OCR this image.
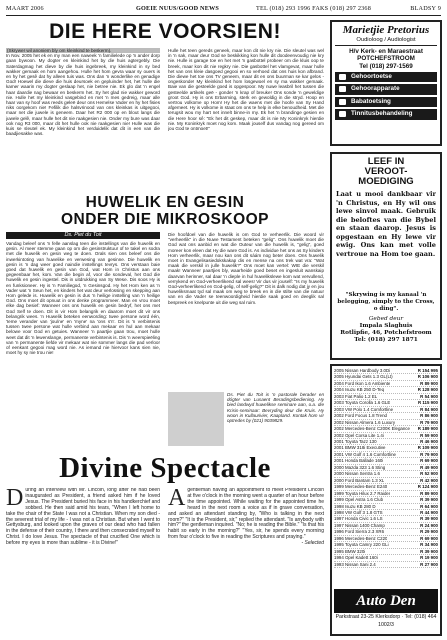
MAART 2006	GOEIE NUUS/GOOD NEWS	TEL (018) 293 1996 FAKS (018) 297 2368	BLADSY 9
DIE HERE VOORSIEN!
(Skrywer wil anoniem bly om kleinkind te beskerm).
In Nov. 2005 het ek en my man een naweek 'n familielede op 'n ander dorp gaan bywoon. My dogter en kleinkind het by die huis agtergebly. Die Saterdagmag het dieve by die huis ingebreek, my kleinkind in sy bed wakker gemaak en hom aangehou. Hulle het hom gevra waar sy ouers is en hy het gesê dat hy alleen tuis was. Ons dan 'n wonderlike en genadige God! Hoewel die dieve die huis deursoek en gepluinder het, het hulle die kamer waarin my dogter geslaap het, nie betree nie. Ek glo dat 'n engel haar daardie nag bewaar en beskerm het. Sy het glad nie wakker geword nie. Hulle het my kleinkind vasgebind en met 'n mes gedreig, maar alle haar van sy hoof was reeds geleë deur ons Hemelse Vader en hy het fisies niks oorgekom nie! Fefilik die halsvrinood van ons kleinkas is uitgegooi, maar net die juwele is geneem. Daar het R2 000 op en blout langs die juwele gelê, maar hulle het dit nie raakgesien nie. Onder my bure was daar ook nog R3 000, maar dit het hulle ook nie raakgesien nie! Hulle was die kuis se sleutel ek. My kleinkind het verduidelik dat dit in een van die baadjiesakke was.
Hulle het teen gereds geneek, maar kon dit nie kry nie. Die sleutel was wel in 'n sak, maar deur God se beskikking kon hulle dit doodeenvoudig nie kry nie. Hulle is garage toe en het met 'n gasbottel probeer om die kluis oop te breek, maar kon dit nie regkry nie. Die gasbottel het vlamgevat, maar hulle het van ons kleie dasgoed gegooi en so verhoed dat ons huis kon afbrand. Die diewe het toe ons TV geneem, maar dit en ons buurman se kar gelos - ongeskonde! My kleinkind het hom losgewoel en sy ma wakker gemaak. Baie van die gesteelde goed is opgespoor. My nuwe leasbril het tussen die gesteelde artikels geë - gonder 'n krap of breuke! Ons sonde 'n geweldige groot God. Hy is ons Erbarming, sterk en gewoldig in die stryd. Hoop en vertrou volkome op Hom! Hy het die waens met die hoofe van Sy Hand afgemeet. Hy is volkome in staat om ons te help in elke benoudheid. Met die terugsit wou my hart net innelt binne-in my. Ek het 'n brandinge gesien en die Here hoor sê: "Ek het dit geskep, maar dit is nie My Koninkryk hierdie nie. My Koninkryk moet nog kom. Maak jouself dus vandag nog gereed om jou God te ontmoet!"
Marietjie Pretorius
Oudioloog / Audiologist
H/v Kerk- en Maraestraat
POTCHEFSTROOM
Tel (018) 297-1569
Gehoortoetse
Gehoorapparate
Babatoetsing
Tinnitusbehandeling
LEEF IN
VEROOT-
MOEDIGING
Laat u mooi dankbaar vir 'n Christus, en Hy wil ons lewe sinvol maak. Gebruik die beloftes van die Bybel en staan daarop. Jesus is opgestaan en Hy lewe vir ewig. Ons kan met volle vertroue na Hom toe gaan.
"Skrywing is my kanaal 'n belegging, simply to the Cross, o ding".
Gebed deur
Impala Slaghuis
Rotlipfie, 46, Potchefstroom
Tel: (018) 297 1871
HUWELIK EN GESIN
ONDER DIE MIKROSKOOP
Ds. Piet du Toit
Vandag beleef ons 'n felle aanslag teen die instellings van die huwelik en gesin. Al meer stemme gaan op om die gesinstruktuur of te takel en sodra met die huwelik en gesin weg te doen. Orals sien ons beleef ons die inwerkintoting van huwelike en verwesing van gesinne. Die huwelik en gesin is 'n dag weer goed naindie instellings tevrys. Ons verstaan baie goed dat huwelik en gesin van God, wat Hom in Christus aan ons gegeenbaar het, kom. Van die begin af, voor die sondeval, het God die huwelik en gesin ingestel. Dis in uitdrukking van Sy Wese. Dis soos Hy is en funksioneer. Hy is 'n Familiegod, 'n Gesinsgod. Hy het Hom ken as 'n Vader wat 'n Seun het, en kinders het wat deur verlossing en skepping aan Hom gelede is. Huwelik en gesin is dus 'n heilige instelling van 'n heilige God. Ons moet dit opnuut in ons denke programmeer. Man en vrou moet elke dag besief: Wanneer ons ons huwelik en gesin bedryf, het ons met God Self te doen. Dit is vir Hom belangrik en daarom moet dit vir ons belangrik wees. 'n Huwelik beteken eenwording: twee persone word één, 'Ieme verander van 'jou/ne' en 'myne' na 'ons s'n'. Dit is 'n verbintenis tussen twee persone wat hulle verbind aan mekaar en hul aan mekaar belowe voor God en getuies. Wanneer 'n paartjie gaan trou, moet hulle weet dat dit 'n lewenslange, permanente verbintenis is. Dis 'n weerspieëling van 'n permanente liefde vir mekaar wat nie sommer langs die pad verloor of eenkant gegooi mag word nie. As iemand nie hiervoor kans sien nie, moet hy sy nie trou nie!
Die hoofdoel van die huwelik is om God te verheerlik. Die woord vir "verheerlik" in die Nuwe Testament beteken "gelig". Ons huwelik moet die God wat ons aanbid en wat die Outeur van die huwelik is, "gelig", goed moreer kon eleen dat Hy die ware God is. As individue het ons as Sy kinders Hom verheerlik, maar nou kan ons dit sáám nog beter doen. Ons huwelik moet in Evangelisasiedokskakap dis en mense na ons trek wat vra: "Wat maak die verskil in julle huwelik?" Ons moet kan vertel: WIE die verskil maak! Wanneer paartjies bly, waarheide goed beset en ingesluit wanskaip daarvan herinner, sal daar 'n dieple in hul huwelikslewe kom wat vervullend, verrykend en God-verheerlikend sal wees! Vir dus vir jouself: "Is my huwelik God-verheerlikend en God-gelig, of self-gelig?" Dit is dalk nodig dat jy en jou huweliksmaat tyd sal maak om weg te breek en in die stilte van die natuur van en die Vader se teenwoordigheid hierdie saak goed en deeglik sal bespreek en knelpunte uit die weg sal ruim.
Ds. Piet du Toit is 'n pastorale berader en dógter van Lusaent Beradingsbediening. Hy bied landwyd huwelikse seminare aan, o.a. die Krisis-seminaar: Bevryding deur die Kruis. Hy woon in Kullaurivier, Kaapland. Kontak hom vir optredes by (021) 9039829.
2005 Nissan Hardbody 3.0Di	R 154 995
2005 Hyundai Gets 1.3 GL(Lt)	R 106 900
2004 Ford Ikon 1.6 Ambiente	R 89 900
2004 Isuzu KB 250 D-Teq	R 128 900
2003 Fiat Palio 1.2 EL	R 54 900
2003 Toyota Corolla 1.6 GLE	R 115 900
2003 VW Polo 1.4 Comfortline	R 84 900
2002 Ford Focus 1.8 Trend	R 86 900
2002 Nissan Almera 1.6 Luxury	R 79 900
2002 Mercedes-Benz C200K Elegance R 189 900
2002 Opel Corsa Lite 1.4i	R 59 900
2001 Toyota Tazz 130	R 46 900
2001 BMW 318i Executive	R 109 900
2001 VW Golf 4 1.6 Comfortline	R 79 900
2001 Honda Ballade 160i	R 69 900
2000 Mazda 323 1.6 Sting	R 49 900
2000 Nissan Sentra 1.6	R 52 900
2000 Ford Bantam 1.3 XL	R 42 900
1999 Mercedes-Benz E240	R 124 900
1999 Toyota Hilux 2.7 Raider	R 89 900
1999 Opel Astra 1.6 Club	R 39 900
1998 Isuzu KB 280 D	R 64 900
1998 VW Golf 3 1.8 GTS	R 44 900
1997 Honda Civic 1.6 LS	R 39 900
1997 Nissan 1400 Champ	R 24 900
1996 Ford Sierra 2.3 XR6	R 29 900
1996 Mercedes-Benz C220	R 69 900
1995 Toyota Camry 220 GLi	R 34 900
1995 BMW 320i	R 39 900
1994 Opel Kadett 160i	R 19 900
1993 Nissan Sani 2.4	R 27 900
Auto Den
Parkstraat 23-25 Klerksdorp · Tel: (018) 464 1002/3
Divine Spectacle
D uring an interview with Mr. Lincoln, long after he had been inaugurated as President, a friend asked him if he loved Jesus. The President buried his face in his handkerchief and sobbed. He then said amid his tears, "When I left home to take the chair of the State I was not a Christian. When my son died - the severest trial of my life - I was not a Christian. But when I went to Gettysburg, and looked upon the graves of our dead who had fallen in the defense of their country, I there and then consecrated myself to Christ. I do love Jesus. The spectacle of that crucified One which is before my eyes is more than sublime - it is Divine!"
A gentleman having an appointment to meet President Lincoln at five o'clock in the morning went a quarter of an hour before the time appointed. While waiting for the appointed time he heard in the next room a voice as if in grave conversation, and asked an attendant standing by, "Who is talking in the next room?" "It is the President, sir," replied the attendant. "Is anybody with him?" the gentleman inquired. "No; he is reading the Bible." "Is that his habit so early in the morning?" "Yes, sir, he spends every morning from four o'clock to five in reading the Scriptures and praying."
- Selected
